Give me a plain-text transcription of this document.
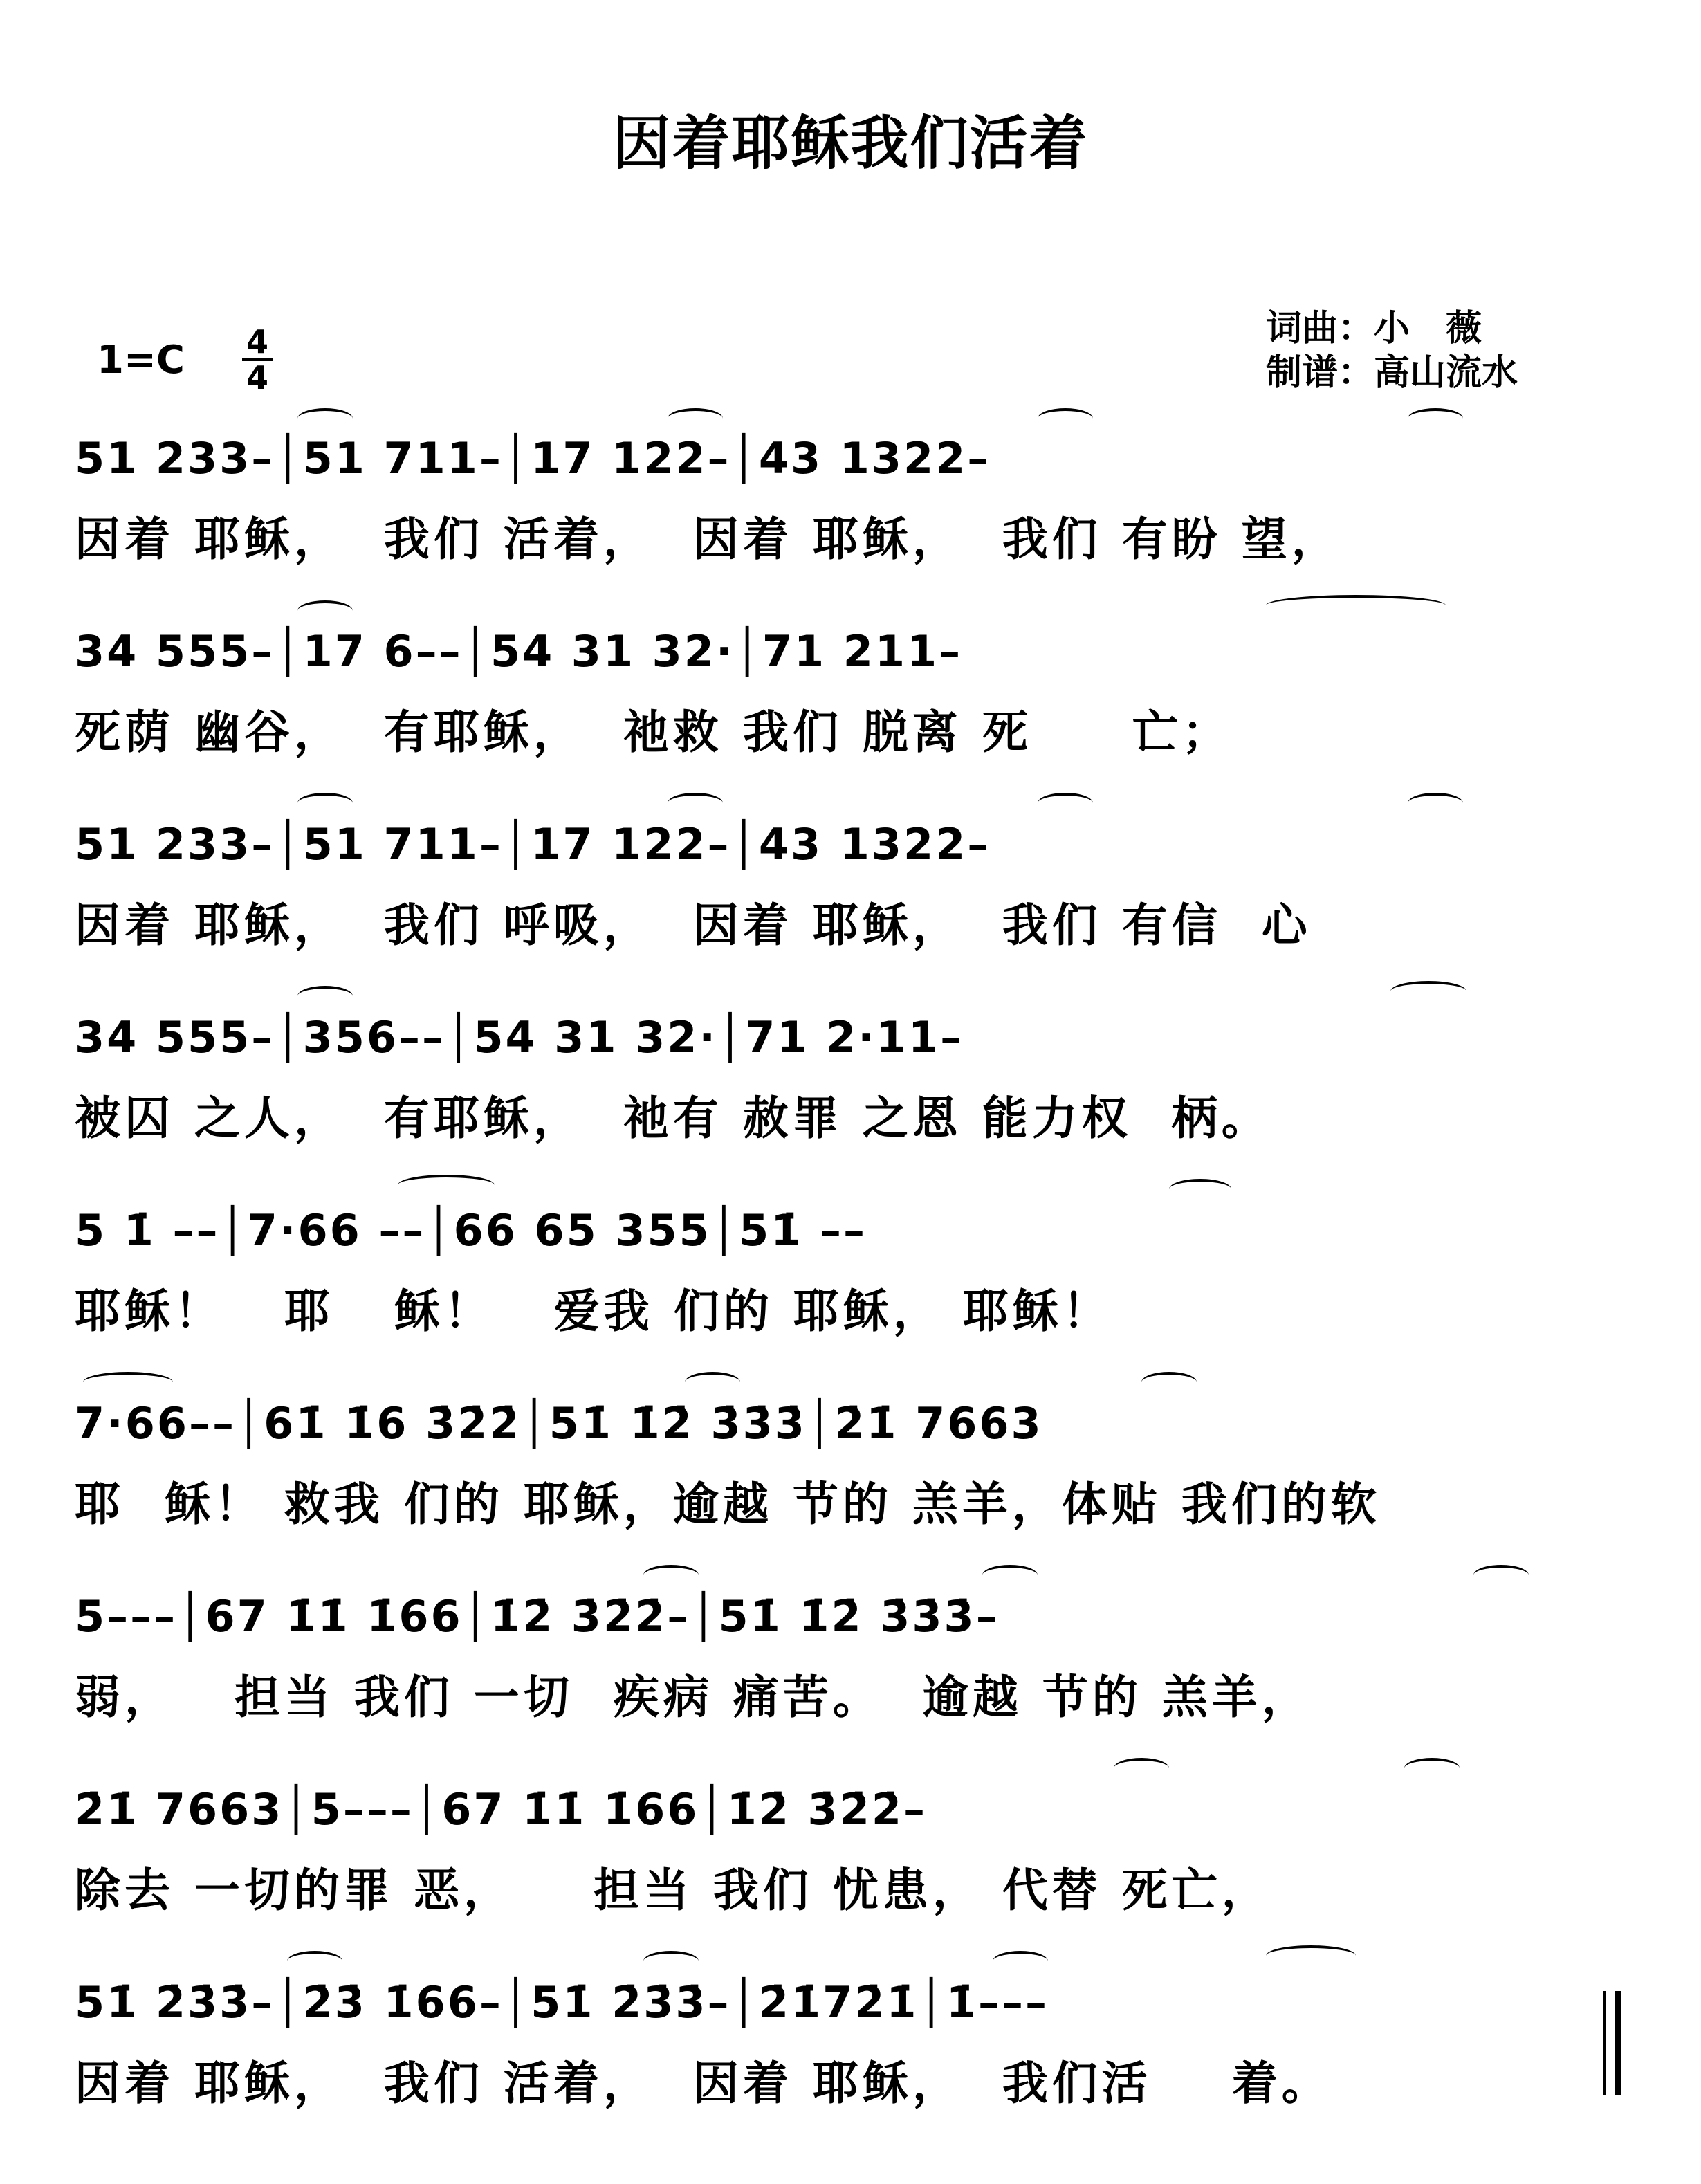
因着耶稣我们活着
词曲：小　薇
制谱：高山流水
1=C 4
4
51 233–│51 711–│17 122–│43 1322–
因着 耶稣，  我们 活着，  因着 耶稣，  我们 有盼 望，
34 555–│17 6––│54 31 32·│71 211–
死荫 幽谷，  有耶稣，  祂救 我们 脱离 死     亡；
51 233–│51 711–│17 122–│43 1322–
因着 耶稣，  我们 呼吸，  因着 耶稣，  我们 有信  心
34 555–│356––│54 31 32·│71 2·11–
被囚 之人，  有耶稣，  祂有 赦罪 之恩 能力权  柄。
5 1̇ ––│7·66 ––│66 65 355│51̇ ––
耶稣！   耶   稣！   爱我 们的 耶稣， 耶稣！
7·66––│61̇ 1̇6 3̇2̇2̇│51̇ 1̇2̇ 3̇3̇3̇│2̇1̇ 7663
耶  稣！ 救我 们的 耶稣，逾越 节的 羔羊，体贴 我们的软
5–––│67 1̇1̇ 1̇66│1̇2̇ 3̇2̇2̇–│51̇ 1̇2̇ 3̇3̇3̇–
弱，   担当 我们 一切  疾病 痛苦。  逾越 节的 羔羊，
2̇1̇ 7663│5–––│67 1̇1̇ 1̇66│1̇2̇ 3̇2̇2̇–
除去 一切的罪 恶，    担当 我们 忧患， 代替 死亡，
51̇ 2̇3̇3̇–│2̇3̇ 1̇66–│51̇ 2̇3̇3̇–│2̇1̇72̇1̇│1̇–––
因着 耶稣，  我们 活着，  因着 耶稣，  我们活    着。
